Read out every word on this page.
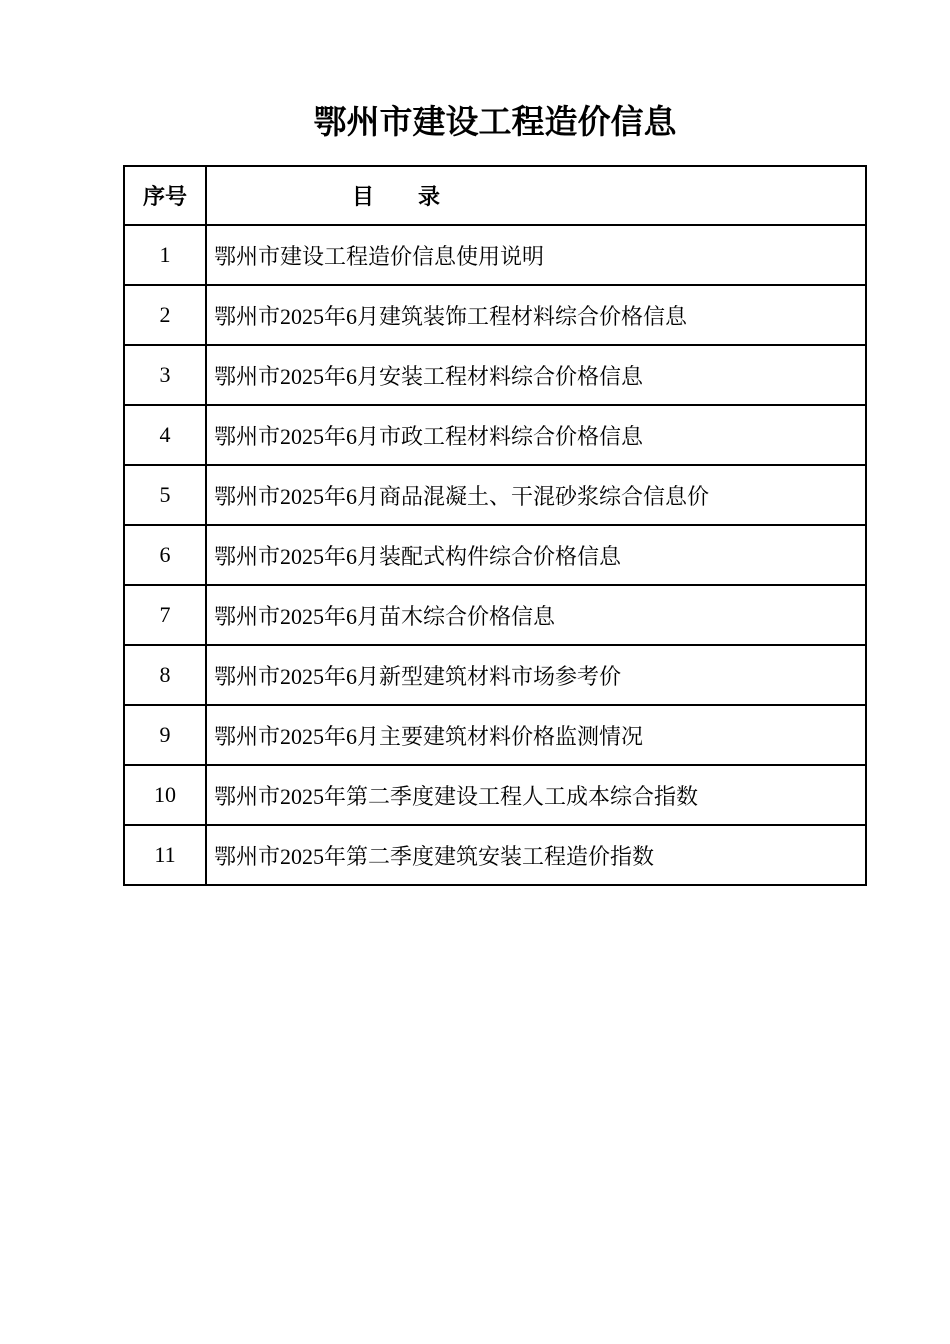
鄂州市建设工程造价信息
序号	目　　录
1	鄂州市建设工程造价信息使用说明
2	鄂州市2025年6月建筑装饰工程材料综合价格信息
3	鄂州市2025年6月安装工程材料综合价格信息
4	鄂州市2025年6月市政工程材料综合价格信息
5	鄂州市2025年6月商品混凝土、干混砂浆综合信息价
6	鄂州市2025年6月装配式构件综合价格信息
7	鄂州市2025年6月苗木综合价格信息
8	鄂州市2025年6月新型建筑材料市场参考价
9	鄂州市2025年6月主要建筑材料价格监测情况
10	鄂州市2025年第二季度建设工程人工成本综合指数
11	鄂州市2025年第二季度建筑安装工程造价指数
